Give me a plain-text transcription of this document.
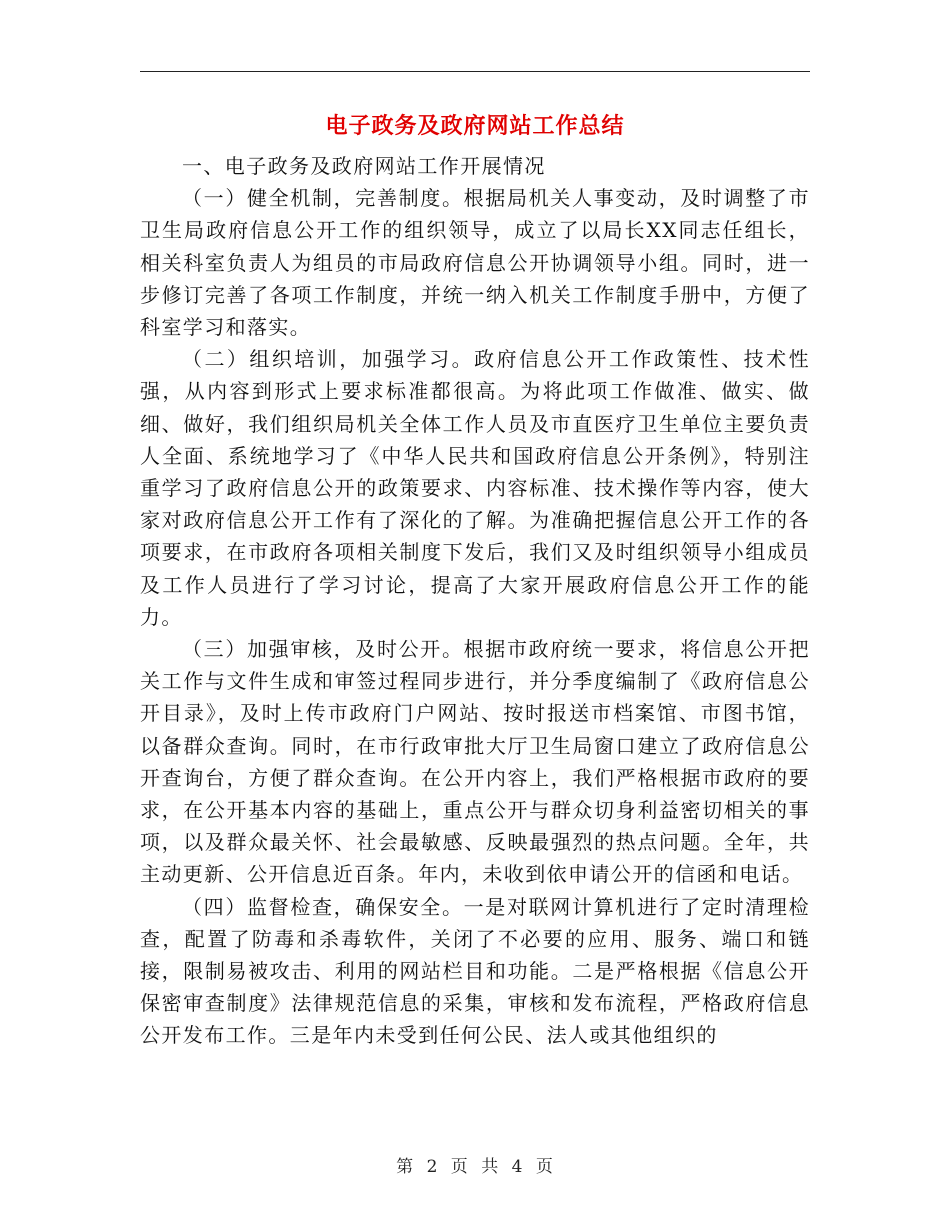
电子政务及政府网站工作总结

一、电子政务及政府网站工作开展情况

（一）健全机制，完善制度。根据局机关人事变动，及时调整了市卫生局政府信息公开工作的组织领导，成立了以局长XX同志任组长，相关科室负责人为组员的市局政府信息公开协调领导小组。同时，进一步修订完善了各项工作制度，并统一纳入机关工作制度手册中，方便了科室学习和落实。

（二）组织培训，加强学习。政府信息公开工作政策性、技术性强，从内容到形式上要求标准都很高。为将此项工作做准、做实、做细、做好，我们组织局机关全体工作人员及市直医疗卫生单位主要负责人全面、系统地学习了《中华人民共和国政府信息公开条例》，特别注重学习了政府信息公开的政策要求、内容标准、技术操作等内容，使大家对政府信息公开工作有了深化的了解。为准确把握信息公开工作的各项要求，在市政府各项相关制度下发后，我们又及时组织领导小组成员及工作人员进行了学习讨论，提高了大家开展政府信息公开工作的能力。

（三）加强审核，及时公开。根据市政府统一要求，将信息公开把关工作与文件生成和审签过程同步进行，并分季度编制了《政府信息公开目录》，及时上传市政府门户网站、按时报送市档案馆、市图书馆，以备群众查询。同时，在市行政审批大厅卫生局窗口建立了政府信息公开查询台，方便了群众查询。在公开内容上，我们严格根据市政府的要求，在公开基本内容的基础上，重点公开与群众切身利益密切相关的事项，以及群众最关怀、社会最敏感、反映最强烈的热点问题。全年，共主动更新、公开信息近百条。年内，未收到依申请公开的信函和电话。

（四）监督检查，确保安全。一是对联网计算机进行了定时清理检查，配置了防毒和杀毒软件，关闭了不必要的应用、服务、端口和链接，限制易被攻击、利用的网站栏目和功能。二是严格根据《信息公开保密审查制度》法律规范信息的采集，审核和发布流程，严格政府信息公开发布工作。三是年内未受到任何公民、法人或其他组织的

第 2 页 共 4 页
